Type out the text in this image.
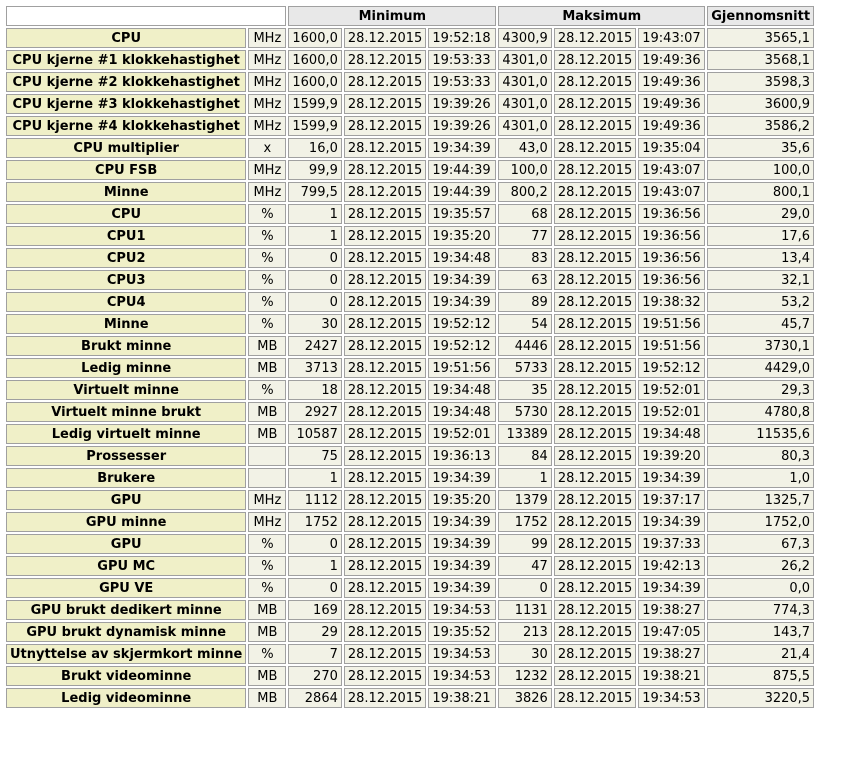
		Minimum			Maksimum			Gjennomsnitt
CPU	MHz	1600,0	28.12.2015	19:52:18	4300,9	28.12.2015	19:43:07	3565,1
CPU kjerne #1 klokkehastighet	MHz	1600,0	28.12.2015	19:53:33	4301,0	28.12.2015	19:49:36	3568,1
CPU kjerne #2 klokkehastighet	MHz	1600,0	28.12.2015	19:53:33	4301,0	28.12.2015	19:49:36	3598,3
CPU kjerne #3 klokkehastighet	MHz	1599,9	28.12.2015	19:39:26	4301,0	28.12.2015	19:49:36	3600,9
CPU kjerne #4 klokkehastighet	MHz	1599,9	28.12.2015	19:39:26	4301,0	28.12.2015	19:49:36	3586,2
CPU multiplier	x	16,0	28.12.2015	19:34:39	43,0	28.12.2015	19:35:04	35,6
CPU FSB	MHz	99,9	28.12.2015	19:44:39	100,0	28.12.2015	19:43:07	100,0
Minne	MHz	799,5	28.12.2015	19:44:39	800,2	28.12.2015	19:43:07	800,1
CPU	%	1	28.12.2015	19:35:57	68	28.12.2015	19:36:56	29,0
CPU1	%	1	28.12.2015	19:35:20	77	28.12.2015	19:36:56	17,6
CPU2	%	0	28.12.2015	19:34:48	83	28.12.2015	19:36:56	13,4
CPU3	%	0	28.12.2015	19:34:39	63	28.12.2015	19:36:56	32,1
CPU4	%	0	28.12.2015	19:34:39	89	28.12.2015	19:38:32	53,2
Minne	%	30	28.12.2015	19:52:12	54	28.12.2015	19:51:56	45,7
Brukt minne	MB	2427	28.12.2015	19:52:12	4446	28.12.2015	19:51:56	3730,1
Ledig minne	MB	3713	28.12.2015	19:51:56	5733	28.12.2015	19:52:12	4429,0
Virtuelt minne	%	18	28.12.2015	19:34:48	35	28.12.2015	19:52:01	29,3
Virtuelt minne brukt	MB	2927	28.12.2015	19:34:48	5730	28.12.2015	19:52:01	4780,8
Ledig virtuelt minne	MB	10587	28.12.2015	19:52:01	13389	28.12.2015	19:34:48	11535,6
Prossesser		75	28.12.2015	19:36:13	84	28.12.2015	19:39:20	80,3
Brukere		1	28.12.2015	19:34:39	1	28.12.2015	19:34:39	1,0
GPU	MHz	1112	28.12.2015	19:35:20	1379	28.12.2015	19:37:17	1325,7
GPU minne	MHz	1752	28.12.2015	19:34:39	1752	28.12.2015	19:34:39	1752,0
GPU	%	0	28.12.2015	19:34:39	99	28.12.2015	19:37:33	67,3
GPU MC	%	1	28.12.2015	19:34:39	47	28.12.2015	19:42:13	26,2
GPU VE	%	0	28.12.2015	19:34:39	0	28.12.2015	19:34:39	0,0
GPU brukt dedikert minne	MB	169	28.12.2015	19:34:53	1131	28.12.2015	19:38:27	774,3
GPU brukt dynamisk minne	MB	29	28.12.2015	19:35:52	213	28.12.2015	19:47:05	143,7
Utnyttelse av skjermkort minne	%	7	28.12.2015	19:34:53	30	28.12.2015	19:38:27	21,4
Brukt videominne	MB	270	28.12.2015	19:34:53	1232	28.12.2015	19:38:21	875,5
Ledig videominne	MB	2864	28.12.2015	19:38:21	3826	28.12.2015	19:34:53	3220,5
